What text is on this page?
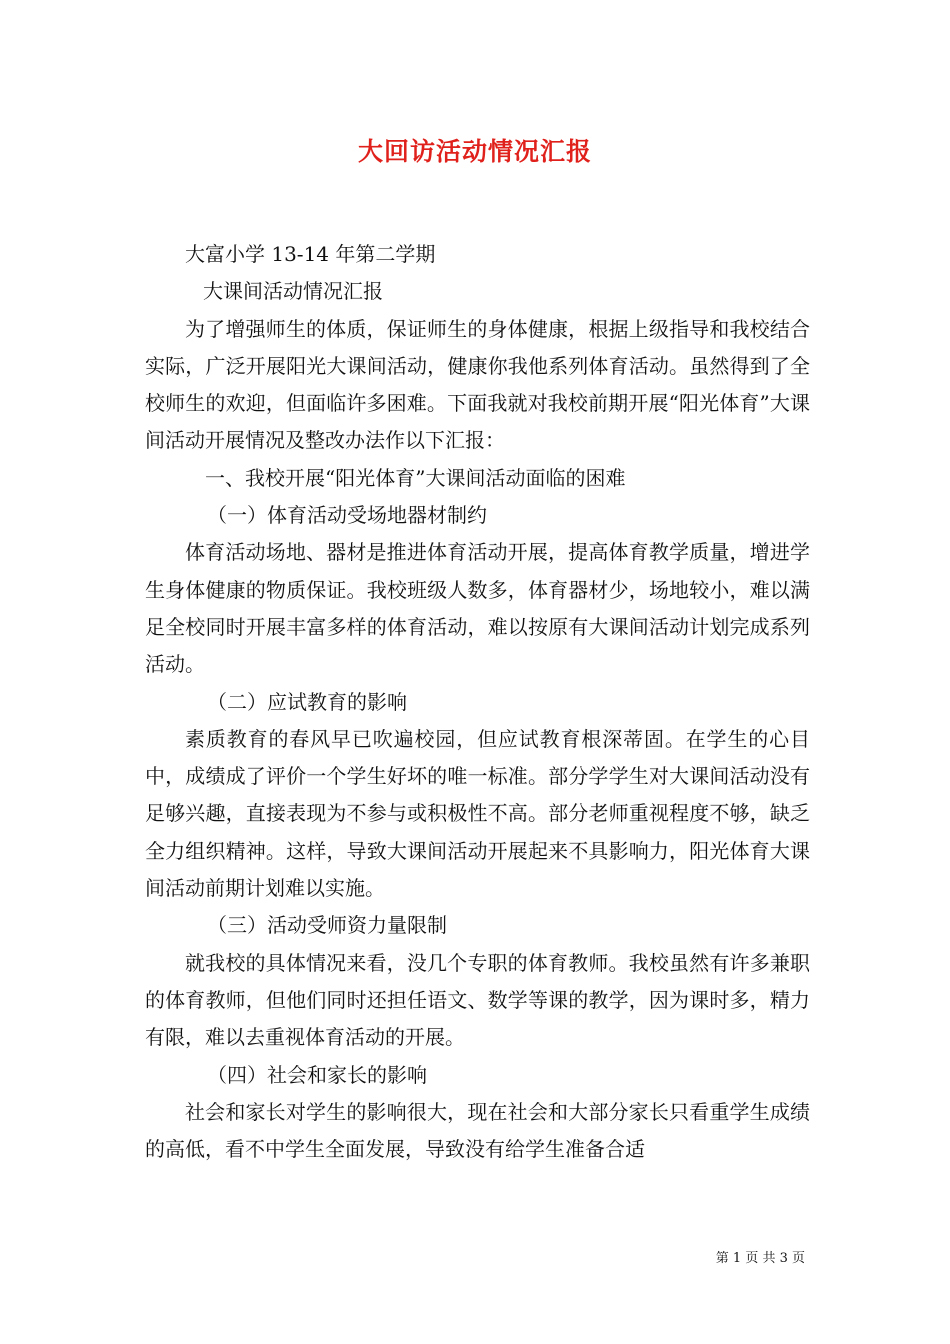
大回访活动情况汇报
大富小学 13-14 年第二学期
大课间活动情况汇报

为了增强师生的体质，保证师生的身体健康，根据上级指导和我校结合实际，广泛开展阳光大课间活动，健康你我他系列体育活动。虽然得到了全校师生的欢迎，但面临许多困难。下面我就对我校前期开展“阳光体育”大课间活动开展情况及整改办法作以下汇报：

一、我校开展“阳光体育”大课间活动面临的困难
（一）体育活动受场地器材制约

体育活动场地、器材是推进体育活动开展，提高体育教学质量，增进学生身体健康的物质保证。我校班级人数多，体育器材少，场地较小，难以满足全校同时开展丰富多样的体育活动，难以按原有大课间活动计划完成系列活动。

（二）应试教育的影响

素质教育的春风早已吹遍校园，但应试教育根深蒂固。在学生的心目中，成绩成了评价一个学生好坏的唯一标准。部分学学生对大课间活动没有足够兴趣，直接表现为不参与或积极性不高。部分老师重视程度不够，缺乏全力组织精神。这样，导致大课间活动开展起来不具影响力，阳光体育大课间活动前期计划难以实施。

（三）活动受师资力量限制

就我校的具体情况来看，没几个专职的体育教师。我校虽然有许多兼职的体育教师，但他们同时还担任语文、数学等课的教学，因为课时多，精力有限，难以去重视体育活动的开展。

（四）社会和家长的影响

社会和家长对学生的影响很大，现在社会和大部分家长只看重学生成绩的高低，看不中学生全面发展，导致没有给学生准备合适

第 1 页 共 3 页
